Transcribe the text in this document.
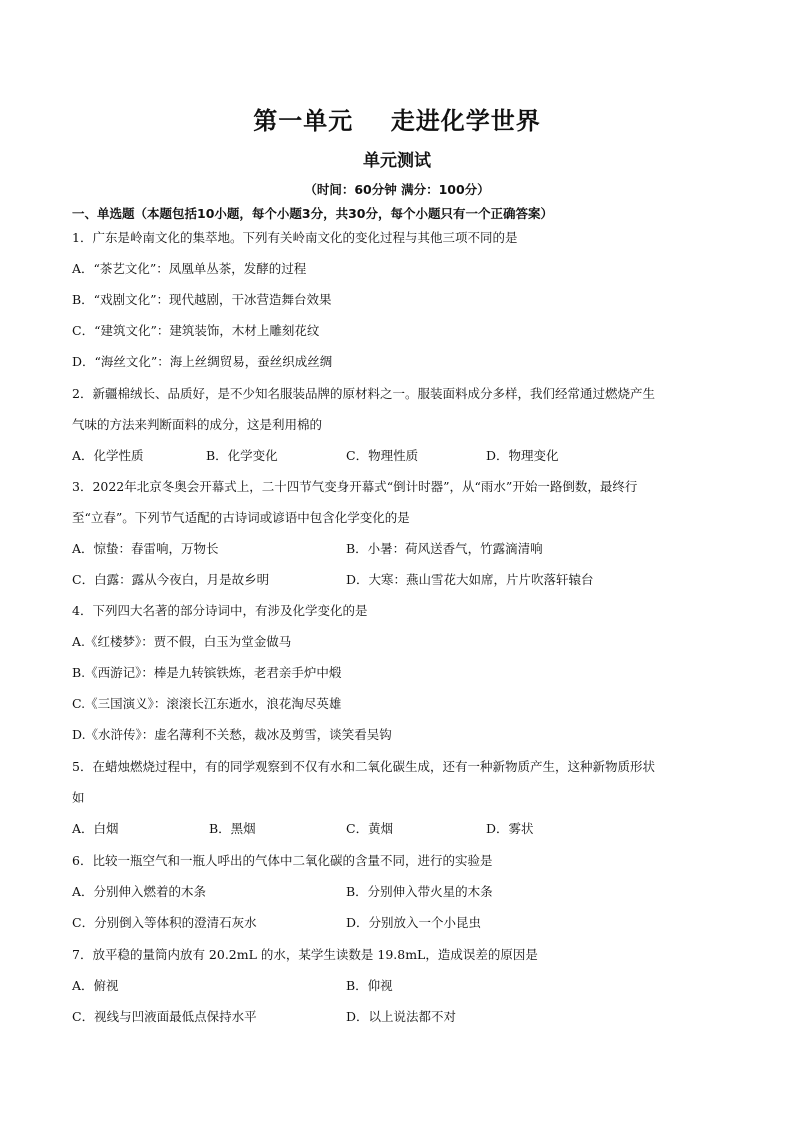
第一单元    走进化学世界
单元测试
（时间：60分钟 满分：100分）
一、单选题（本题包括10小题，每个小题3分，共30分，每个小题只有一个正确答案）
1．广东是岭南文化的集萃地。下列有关岭南文化的变化过程与其他三项不同的是
A．“茶艺文化”：凤凰单丛茶，发酵的过程
B．“戏剧文化”：现代越剧，干冰营造舞台效果
C．“建筑文化”：建筑装饰，木材上雕刻花纹
D．“海丝文化”：海上丝绸贸易，蚕丝织成丝绸
2．新疆棉绒长、品质好，是不少知名服装品牌的原材料之一。服装面料成分多样，我们经常通过燃烧产生
气味的方法来判断面料的成分，这是利用棉的
A．化学性质	B．化学变化	C．物理性质	D．物理变化
3．2022年北京冬奥会开幕式上，二十四节气变身开幕式“倒计时器”，从“雨水”开始一路倒数，最终行
至“立春”。下列节气适配的古诗词或谚语中包含化学变化的是
A．惊蛰：春雷响，万物长	B．小暑：荷风送香气，竹露滴清响
C．白露：露从今夜白，月是故乡明	D．大寒：燕山雪花大如席，片片吹落轩辕台
4．下列四大名著的部分诗词中，有涉及化学变化的是
A.《红楼梦》：贾不假，白玉为堂金做马
B.《西游记》：棒是九转镔铁炼，老君亲手炉中煅
C.《三国演义》：滚滚长江东逝水，浪花淘尽英雄
D.《水浒传》：虚名薄利不关愁，裁冰及剪雪，谈笑看吴钩
5．在蜡烛燃烧过程中，有的同学观察到不仅有水和二氧化碳生成，还有一种新物质产生，这种新物质形状
如
A．白烟	B．黑烟	C．黄烟	D．雾状
6．比较一瓶空气和一瓶人呼出的气体中二氧化碳的含量不同，进行的实验是
A．分别伸入燃着的木条	B．分别伸入带火星的木条
C．分别倒入等体积的澄清石灰水	D．分别放入一个小昆虫
7．放平稳的量筒内放有 20.2mL 的水，某学生读数是 19.8mL，造成误差的原因是
A．俯视	B．仰视
C．视线与凹液面最低点保持水平	D．以上说法都不对
